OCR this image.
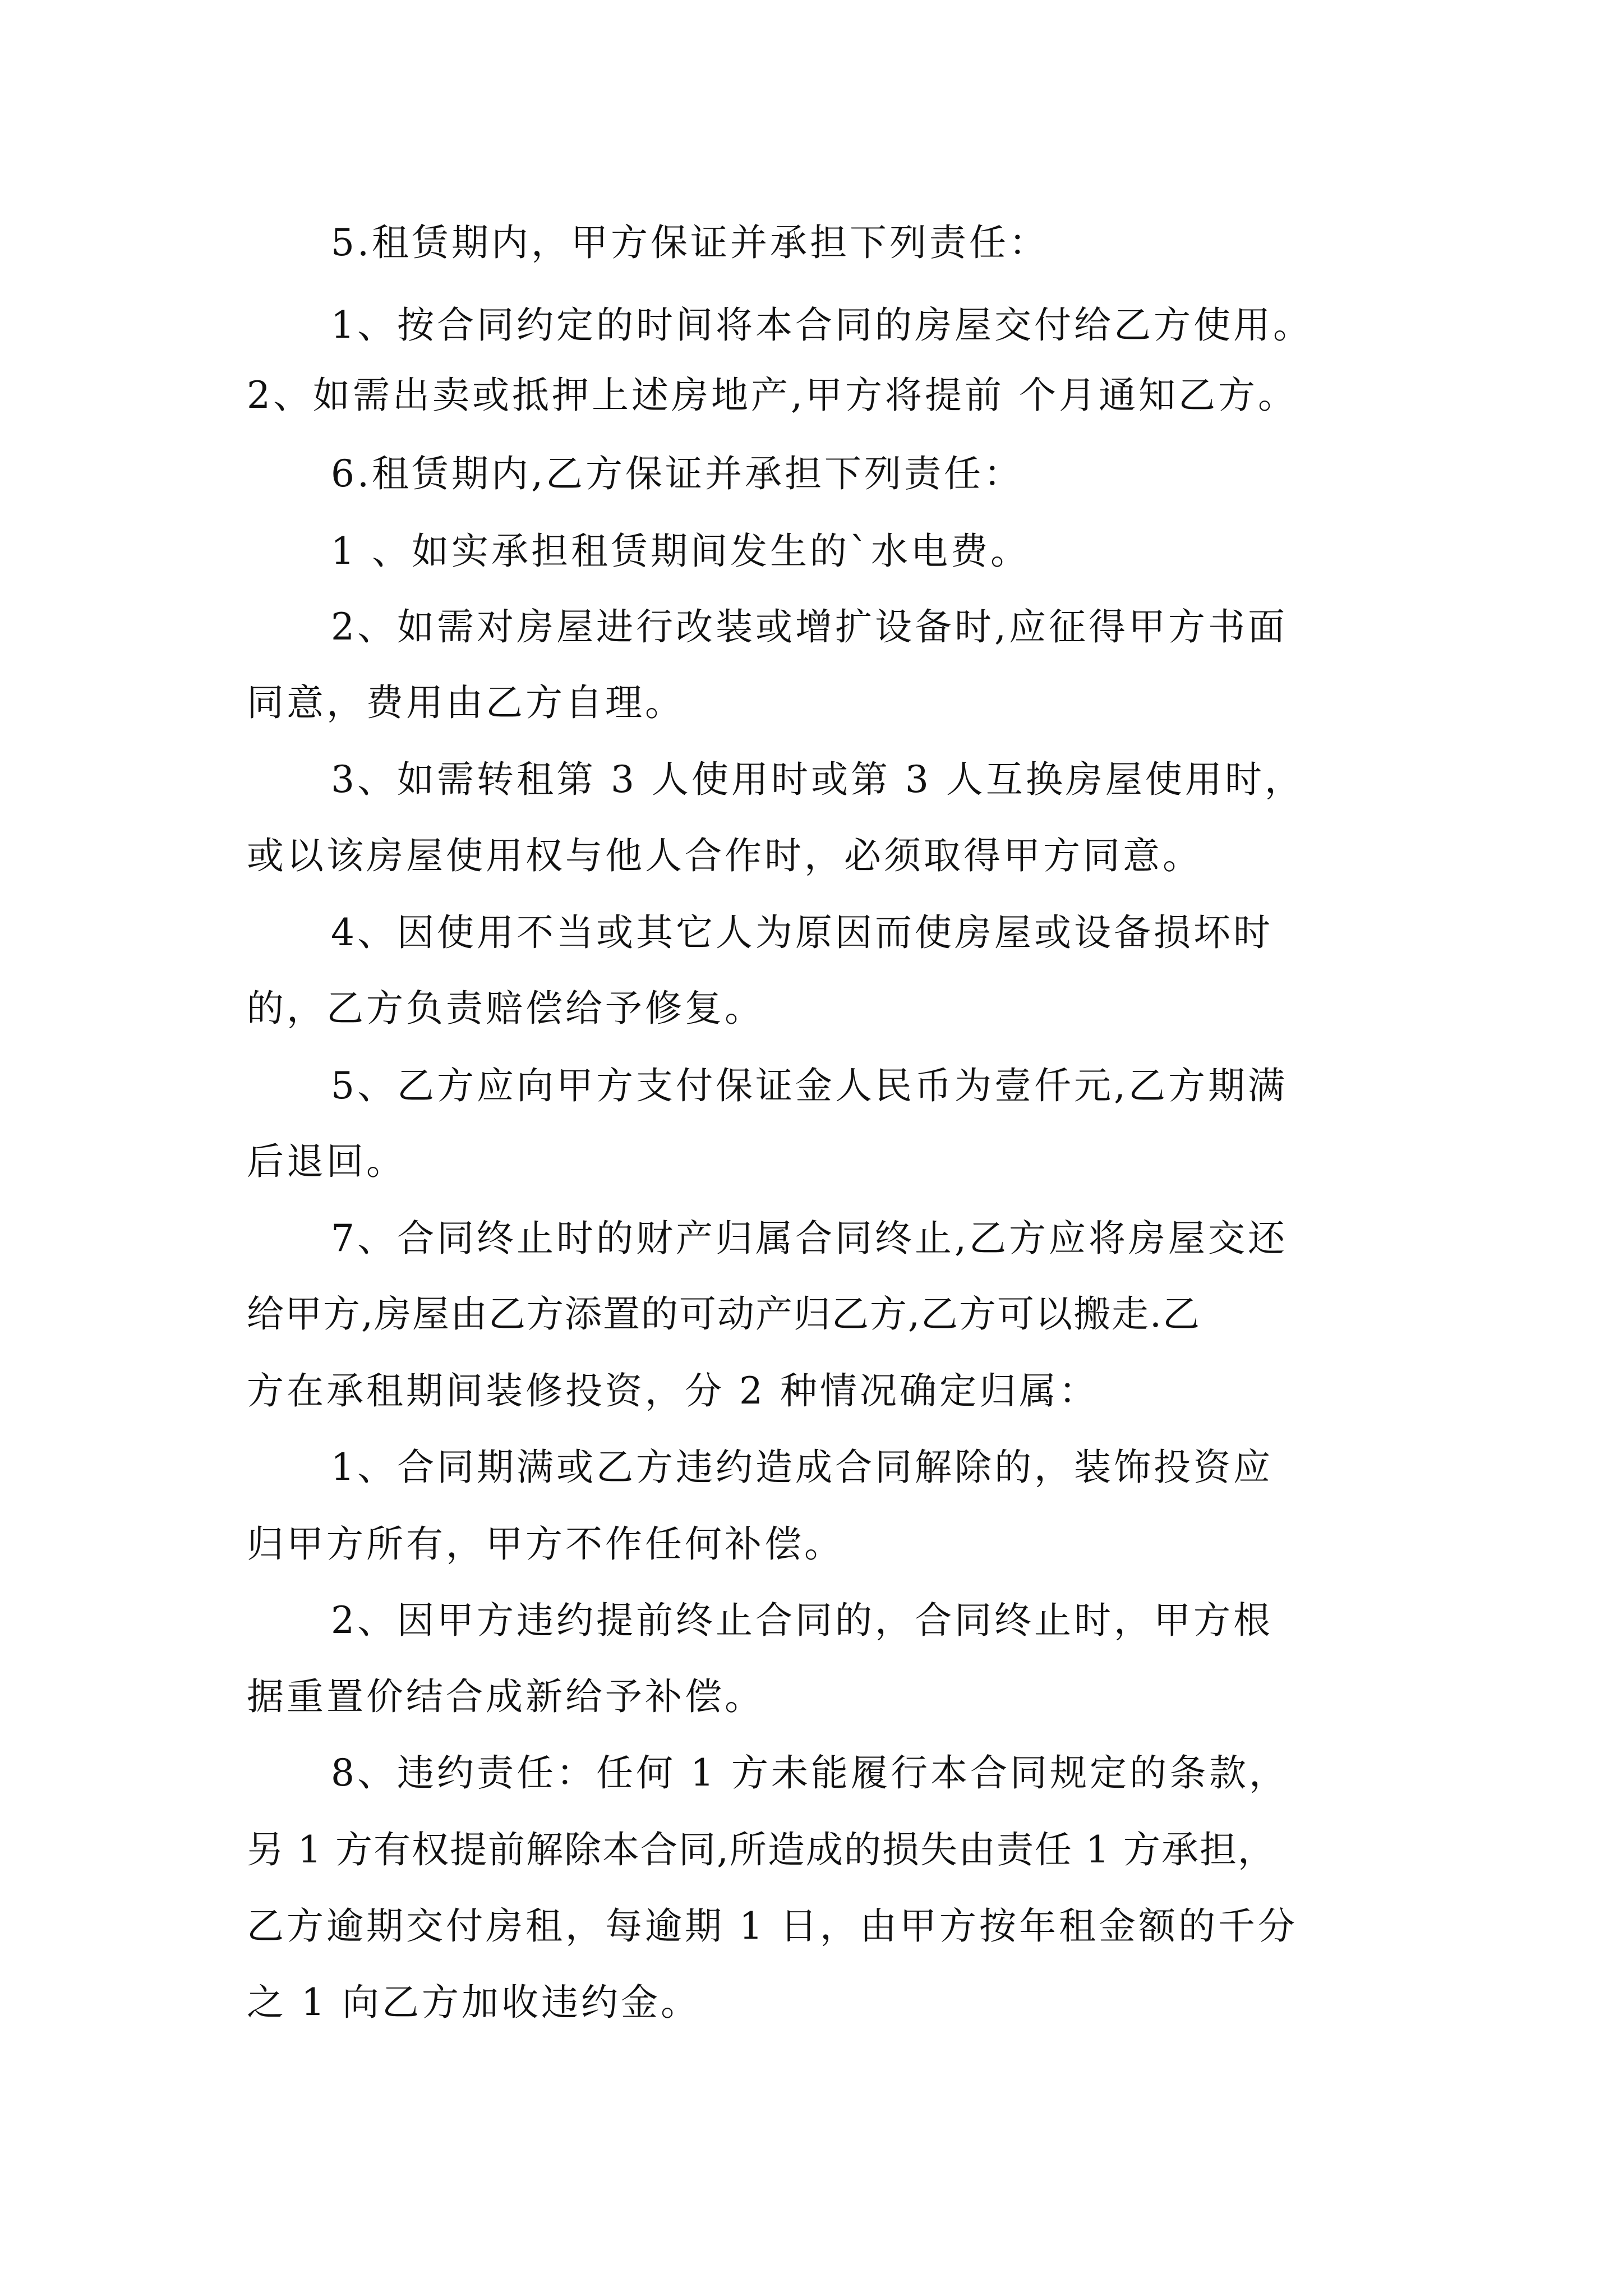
5.租赁期内，甲方保证并承担下列责任：
1、按合同约定的时间将本合同的房屋交付给乙方使用。
2、如需出卖或抵押上述房地产,甲方将提前 个月通知乙方。
6.租赁期内,乙方保证并承担下列责任：
1 、如实承担租赁期间发生的`水电费。
2、如需对房屋进行改装或增扩设备时,应征得甲方书面
同意，费用由乙方自理。
3、如需转租第 3 人使用时或第 3 人互换房屋使用时，
或以该房屋使用权与他人合作时，必须取得甲方同意。
4、因使用不当或其它人为原因而使房屋或设备损坏时
的，乙方负责赔偿给予修复。
5、乙方应向甲方支付保证金人民币为壹仟元,乙方期满
后退回。
7、合同终止时的财产归属合同终止,乙方应将房屋交还
给甲方,房屋由乙方添置的可动产归乙方,乙方可以搬走.乙
方在承租期间装修投资，分 2 种情况确定归属：
1、合同期满或乙方违约造成合同解除的，装饰投资应
归甲方所有，甲方不作任何补偿。
2、因甲方违约提前终止合同的，合同终止时，甲方根
据重置价结合成新给予补偿。
8、违约责任：任何 1 方未能履行本合同规定的条款，
另 1 方有权提前解除本合同,所造成的损失由责任 1 方承担，
乙方逾期交付房租，每逾期 1 日，由甲方按年租金额的千分
之 1 向乙方加收违约金。
